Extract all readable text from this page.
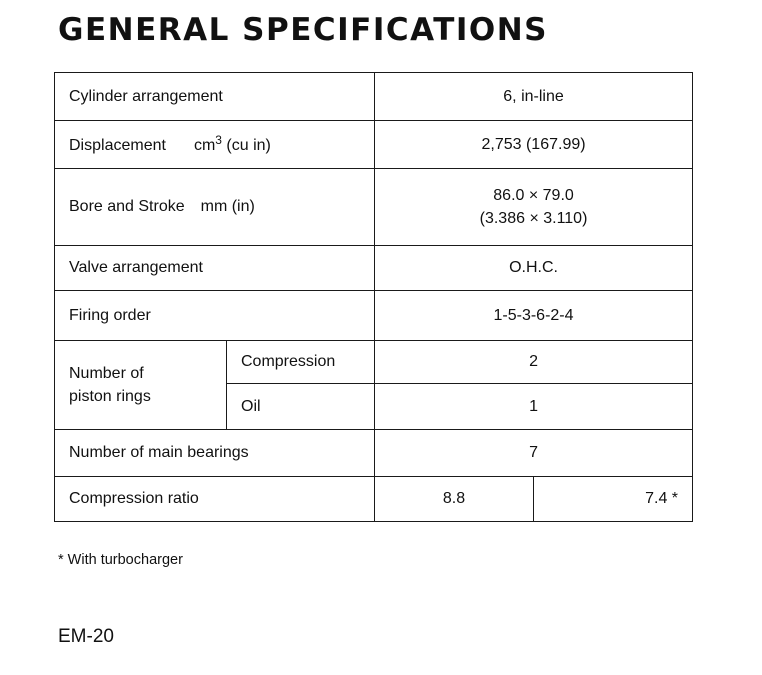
GENERAL SPECIFICATIONS
Cylinder arrangement		6, in-line	
Displacement $cm^3$ (cu in)		2,753 (167.99)	
Bore and Stroke mm (in)		86.0 × 79.0
(3.386 × 3.110)	

Valve arrangement		O.H.C.	
Firing order		1-5-3-6-2-4	

Number of
piston rings	Compression	2	
	Oil	1	
Number of main bearings		7	
Compression ratio		8.8	7.4 *
* With turbocharger
EM-20
